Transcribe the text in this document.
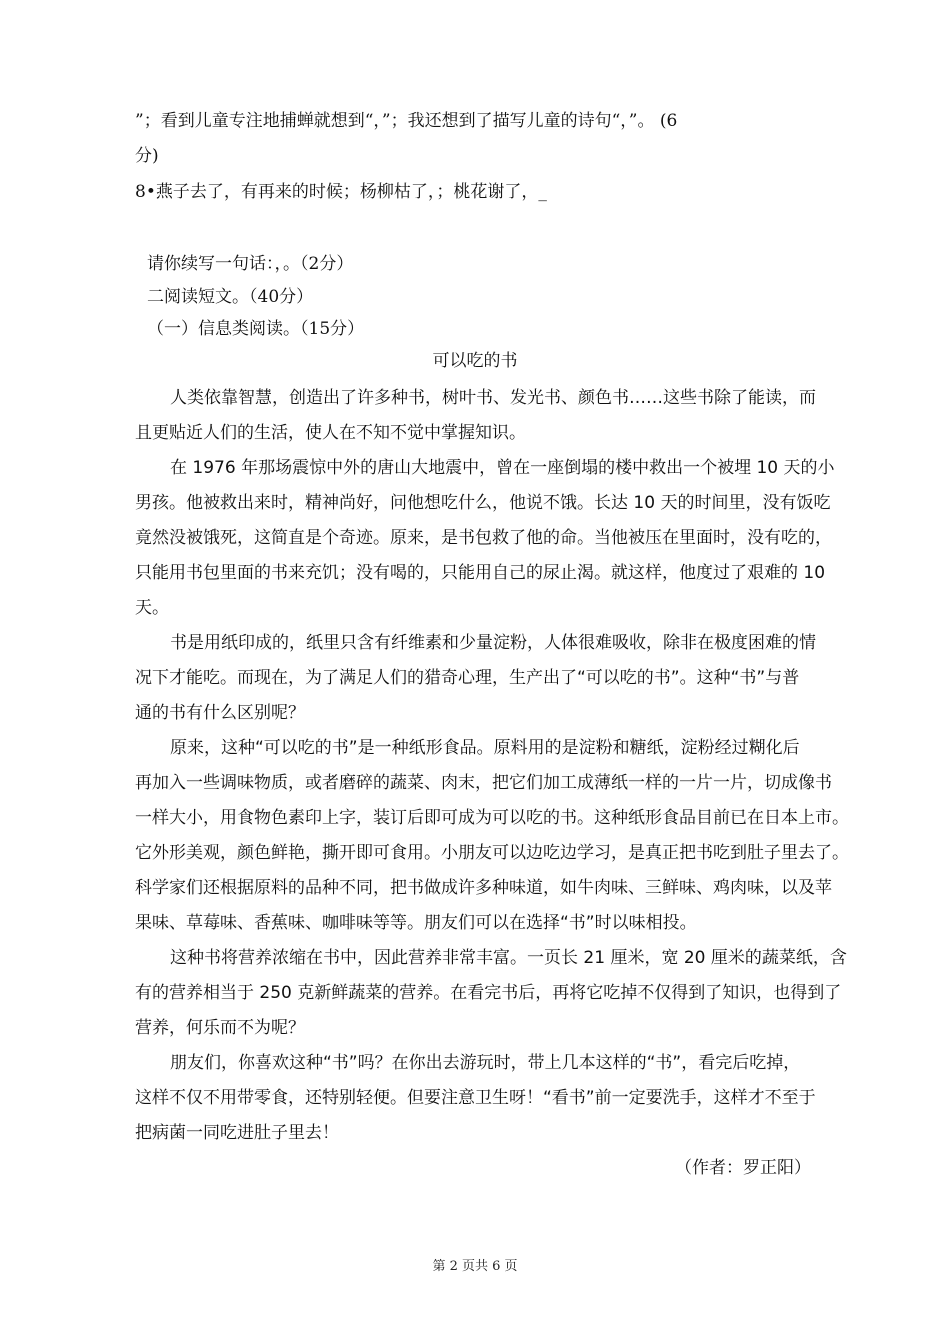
”；看到儿童专注地捕蝉就想到“，”；我还想到了描写儿童的诗句“，”。 (6
分)
8•燕子去了，有再来的时候；杨柳枯了，；桃花谢了，_
请你续写一句话：，。（2分）
二阅读短文。（40分）
（一）信息类阅读。（15分）
可以吃的书
人类依靠智慧，创造出了许多种书，树叶书、发光书、颜色书……这些书除了能读，而
且更贴近人们的生活，使人在不知不觉中掌握知识。
在 1976 年那场震惊中外的唐山大地震中，曾在一座倒塌的楼中救出一个被埋 10 天的小
男孩。他被救出来时，精神尚好，问他想吃什么，他说不饿。长达 10 天的时间里，没有饭吃
竟然没被饿死，这简直是个奇迹。原来，是书包救了他的命。当他被压在里面时，没有吃的，
只能用书包里面的书来充饥；没有喝的，只能用自己的尿止渴。就这样，他度过了艰难的 10
天。
书是用纸印成的，纸里只含有纤维素和少量淀粉，人体很难吸收，除非在极度困难的情
况下才能吃。而现在，为了满足人们的猎奇心理，生产出了“可以吃的书”。这种“书”与普
通的书有什么区别呢？
原来，这种“可以吃的书”是一种纸形食品。原料用的是淀粉和糖纸，淀粉经过糊化后
再加入一些调味物质，或者磨碎的蔬菜、肉末，把它们加工成薄纸一样的一片一片，切成像书
一样大小，用食物色素印上字，装订后即可成为可以吃的书。这种纸形食品目前已在日本上市。
它外形美观，颜色鲜艳，撕开即可食用。小朋友可以边吃边学习，是真正把书吃到肚子里去了。
科学家们还根据原料的品种不同，把书做成许多种味道，如牛肉味、三鲜味、鸡肉味，以及苹
果味、草莓味、香蕉味、咖啡味等等。朋友们可以在选择“书”时以味相投。
这种书将营养浓缩在书中，因此营养非常丰富。一页长 21 厘米，宽 20 厘米的蔬菜纸，含
有的营养相当于 250 克新鲜蔬菜的营养。在看完书后，再将它吃掉不仅得到了知识，也得到了
营养，何乐而不为呢？
朋友们，你喜欢这种“书”吗？在你出去游玩时，带上几本这样的“书”，看完后吃掉，
这样不仅不用带零食，还特别轻便。但要注意卫生呀！“看书”前一定要洗手，这样才不至于
把病菌一同吃进肚子里去！
（作者：罗正阳）
第 2 页共 6 页
